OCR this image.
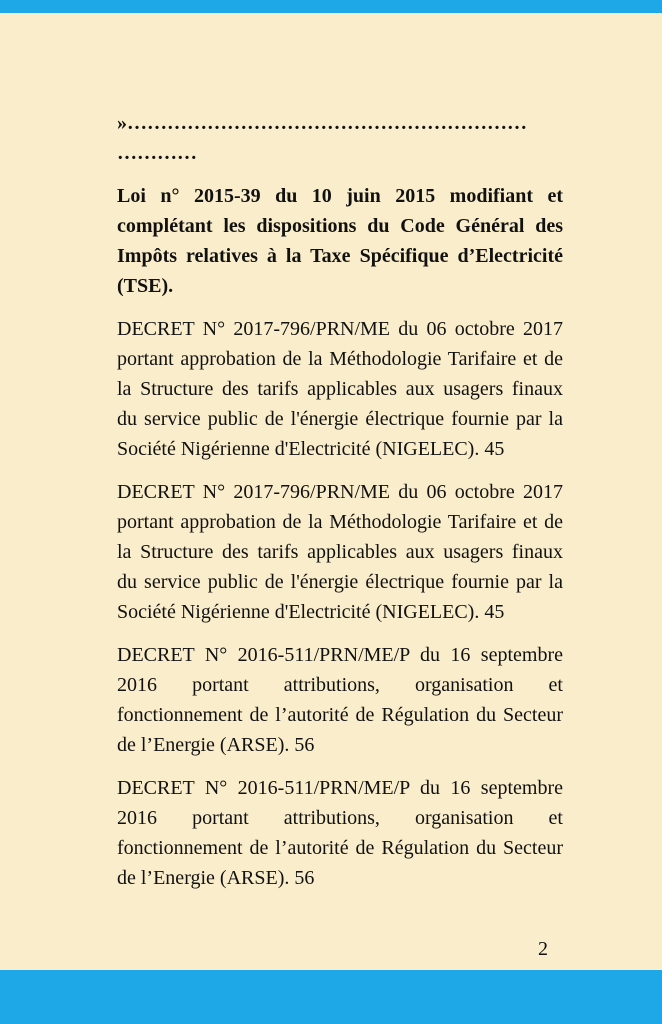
»……………………………………………………
…………

Loi n° 2015-39 du 10 juin 2015 modifiant et
complétant les dispositions du Code Général des
Impôts relatives à la Taxe Spécifique d’Electricité
(TSE).

DECRET N° 2017-796/PRN/ME du 06 octobre 2017
portant approbation de la Méthodologie Tarifaire et de
la Structure des tarifs applicables aux usagers finaux
du service public de l'énergie électrique fournie par la
Société Nigérienne d'Electricité (NIGELEC). 45

DECRET N° 2017-796/PRN/ME du 06 octobre 2017
portant approbation de la Méthodologie Tarifaire et de
la Structure des tarifs applicables aux usagers finaux
du service public de l'énergie électrique fournie par la
Société Nigérienne d'Electricité (NIGELEC). 45

DECRET N° 2016-511/PRN/ME/P du 16 septembre
2016 portant attributions, organisation et
fonctionnement de l’autorité de Régulation du Secteur
de l’Energie (ARSE). 56

DECRET N° 2016-511/PRN/ME/P du 16 septembre
2016 portant attributions, organisation et
fonctionnement de l’autorité de Régulation du Secteur
de l’Energie (ARSE). 56

2
